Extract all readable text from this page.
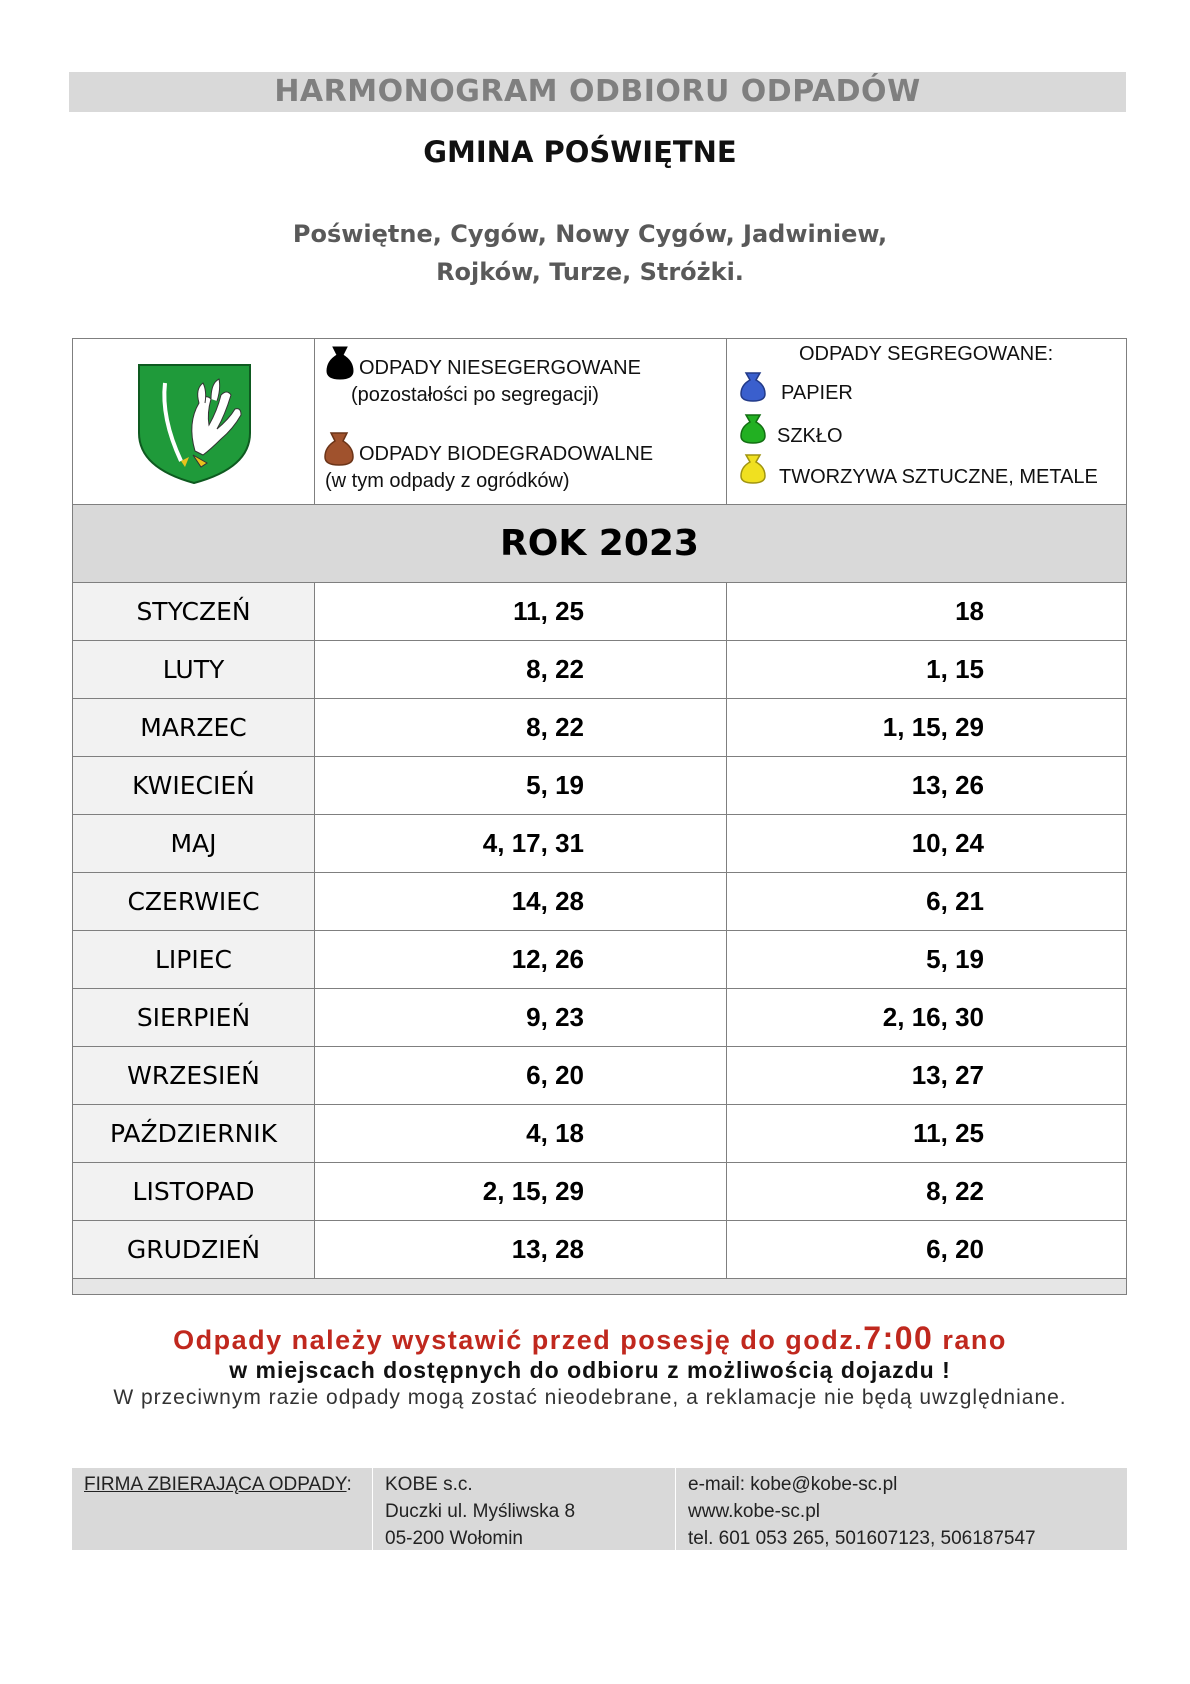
HARMONOGRAM ODBIORU ODPADÓW
GMINA POŚWIĘTNE
Poświętne, Cygów, Nowy Cygów, Jadwiniew,
Rojków, Turze, Stróżki.
ODPADY NIESEGERGOWANE
(pozostałości po segregacji)
ODPADY BIODEGRADOWALNE
(w tym odpady z ogródków)
ODPADY SEGREGOWANE:
PAPIER
SZKŁO
TWORZYWA SZTUCZNE, METALE
ROK 2023
STYCZEŃ	11, 25	18
LUTY	8, 22	1, 15
MARZEC	8, 22	1, 15, 29
KWIECIEŃ	5, 19	13, 26
MAJ	4, 17, 31	10, 24
CZERWIEC	14, 28	6, 21
LIPIEC	12, 26	5, 19
SIERPIEŃ	9, 23	2, 16, 30
WRZESIEŃ	6, 20	13, 27
PAŹDZIERNIK	4, 18	11, 25
LISTOPAD	2, 15, 29	8, 22
GRUDZIEŃ	13, 28	6, 20
Odpady należy wystawić przed posesję do godz.7:00 rano
w miejscach dostępnych do odbioru z możliwością dojazdu !
W przeciwnym razie odpady mogą zostać nieodebrane, a reklamacje nie będą uwzględniane.
FIRMA ZBIERAJĄCA ODPADY:	KOBE s.c.
Duczki ul. Myśliwska 8
05-200 Wołomin
e-mail: kobe@kobe-sc.pl
www.kobe-sc.pl
tel. 601 053 265, 501607123, 506187547
